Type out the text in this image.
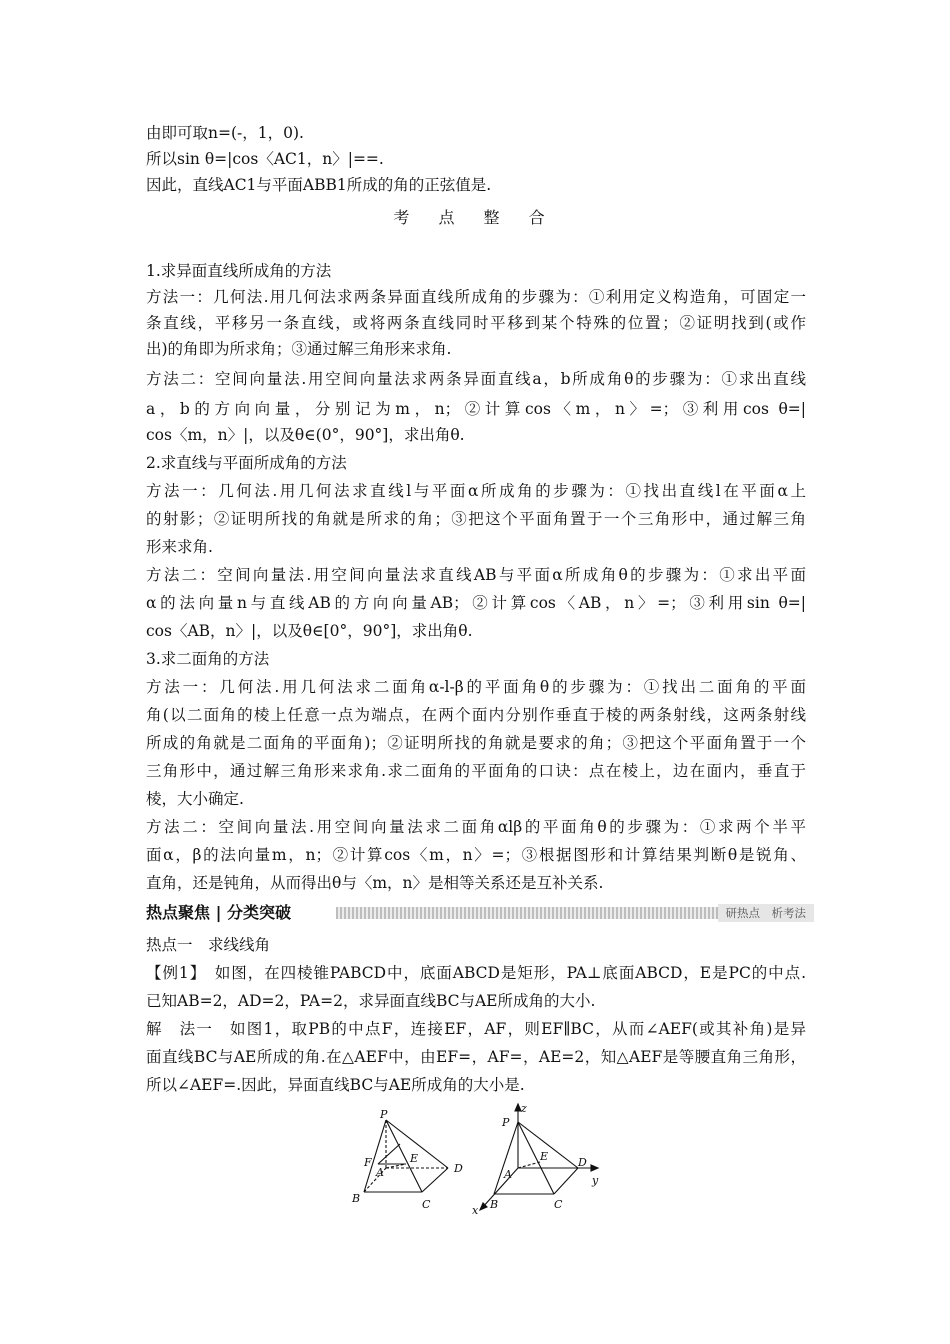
由即可取n=(-，1，0).
所以sin θ=|cos〈AC1，n〉|==.
因此，直线AC1与平面ABB1所成的角的正弦值是.
考 点 整 合
1.求异面直线所成角的方法
方法一：几何法.用几何法求两条异面直线所成角的步骤为：①利用定义构造角，可固定一
条直线，平移另一条直线，或将两条直线同时平移到某个特殊的位置；②证明找到(或作
出)的角即为所求角；③通过解三角形来求角.
方法二：空间向量法.用空间向量法求两条异面直线a，b所成角θ的步骤为：①求出直线
a，b的方向向量，分别记为m，n；②计算cos〈m，n〉=；③利用cos θ=|
cos〈m，n〉|，以及θ∈(0°，90°]，求出角θ.
2.求直线与平面所成角的方法
方法一：几何法.用几何法求直线l与平面α所成角的步骤为：①找出直线l在平面α上
的射影；②证明所找的角就是所求的角；③把这个平面角置于一个三角形中，通过解三角
形来求角.
方法二：空间向量法.用空间向量法求直线AB与平面α所成角θ的步骤为：①求出平面
α的法向量n与直线AB的方向向量AB；②计算cos〈AB，n〉=；③利用sin θ=|
cos〈AB，n〉|，以及θ∈[0°，90°]，求出角θ.
3.求二面角的方法
方法一：几何法.用几何法求二面角α-l-β的平面角θ的步骤为：①找出二面角的平面
角(以二面角的棱上任意一点为端点，在两个面内分别作垂直于棱的两条射线，这两条射线
所成的角就是二面角的平面角)；②证明所找的角就是要求的角；③把这个平面角置于一个
三角形中，通过解三角形来求角.求二面角的平面角的口诀：点在棱上，边在面内，垂直于
棱，大小确定.
方法二：空间向量法.用空间向量法求二面角αlβ的平面角θ的步骤为：①求两个半平
面α，β的法向量m，n；②计算cos〈m，n〉=；③根据图形和计算结果判断θ是锐角、
直角，还是钝角，从而得出θ与〈m，n〉是相等关系还是互补关系.
热点聚焦 | 分类突破	研热点　析考法
热点一　求线线角
【例1】　如图，在四棱锥PABCD中，底面ABCD是矩形，PA⊥底面ABCD，E是PC的中点.
已知AB=2，AD=2，PA=2，求异面直线BC与AE所成角的大小.
解　法一　如图1，取PB的中点F，连接EF，AF，则EF∥BC，从而∠AEF(或其补角)是异
面直线BC与AE所成的角.在△AEF中，由EF=，AF=，AE=2，知△AEF是等腰直角三角形，
所以∠AEF=.因此，异面直线BC与AE所成角的大小是.
P
F
A
E
D
B	C
P
z
A
E	D
y
x B	C
